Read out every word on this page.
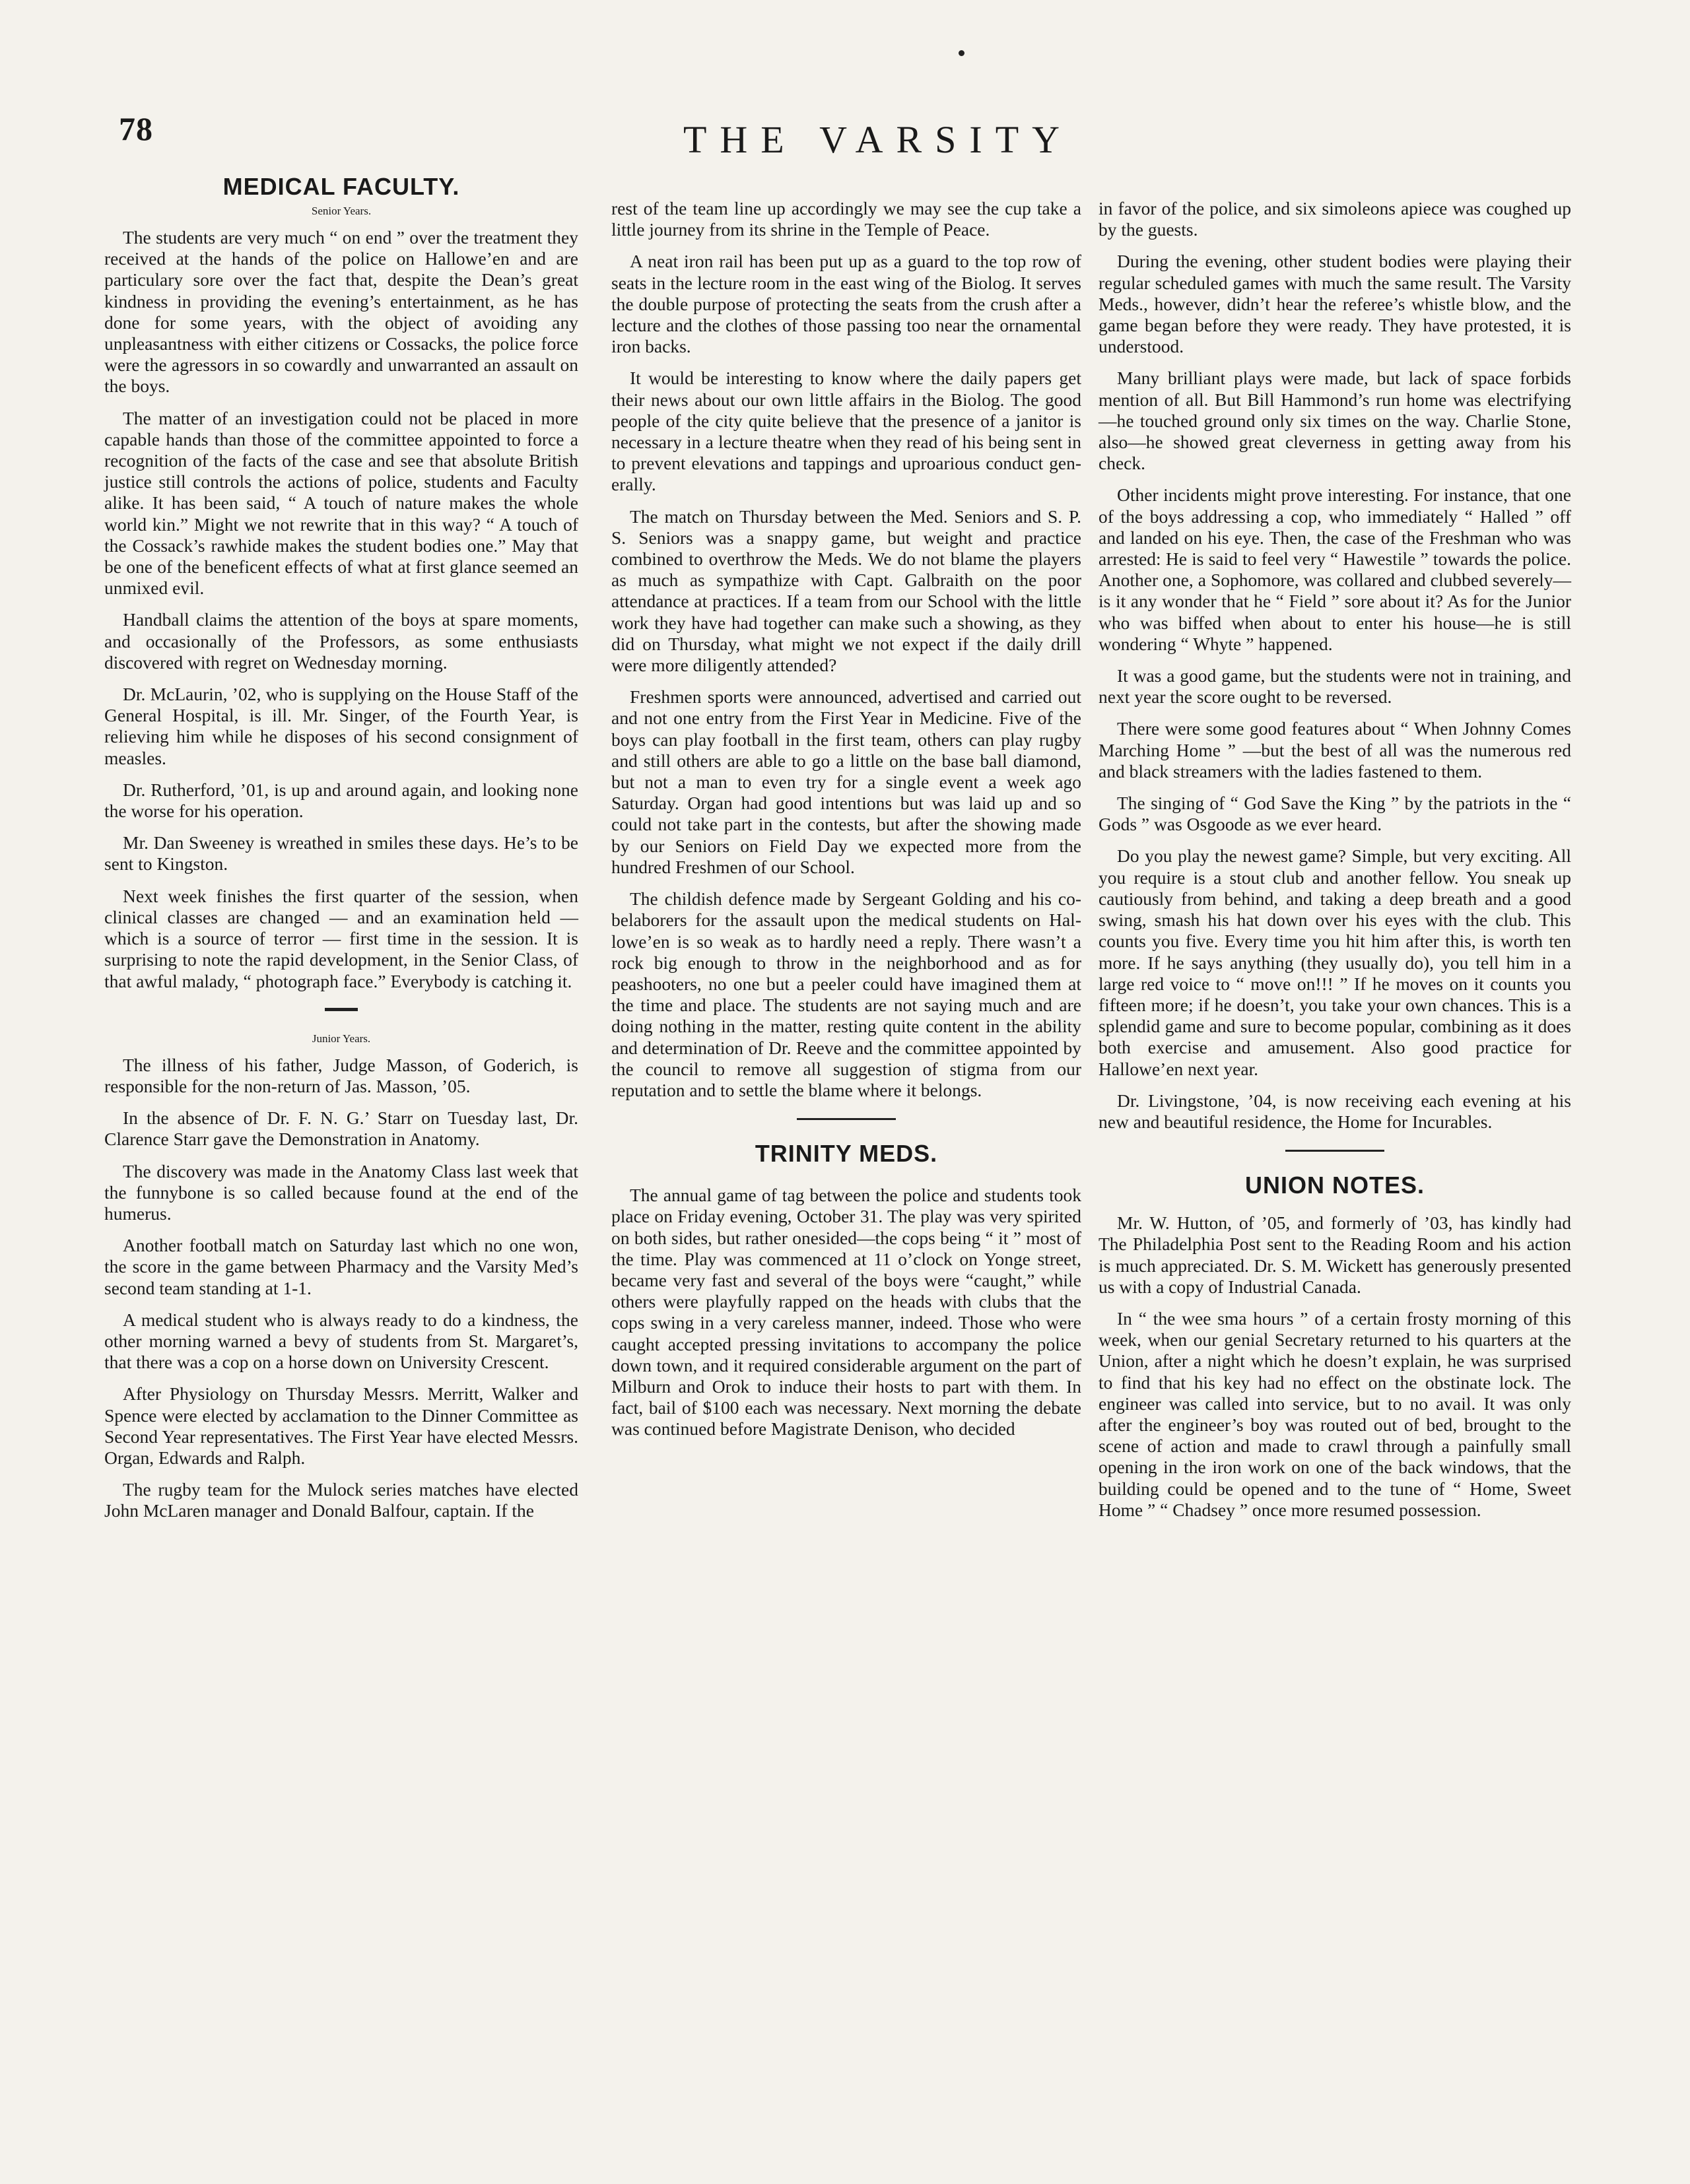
78	THE VARSITY
MEDICAL FACULTY.
Senior Years.

The students are very much “ on end ” over the treatment they received at the hands of the police on Hallowe’en and are particular​y sore over the fact that, despite the Dean’s great kindness in providing the evening’s entertainment, as he has done for some years, with the object of avoiding any unpleasantness with either citizens or Cossacks, the police force were the agressors in so cowardly and unwarranted an assault on the boys.

The matter of an investigation could not be placed in more capable hands than those of the committee appointed to force a recognition of the facts of the case and see that absolute British justice still controls the actions of police, students and Faculty alike. It has been said, “ A touch of nature makes the whole world kin.” Might we not rewrite that in this way? “ A touch of the Cossack’s rawhide makes the student bodies one.” May that be one of the beneficent effects of what at first glance seemed an unmixed evil.

Handball claims the attention of the boys at spare moments, and occasionally of the Professors, as some enthusiasts discovered with regret on Wednesday morning.

Dr. McLaurin, ’02, who is supplying on the House Staff of the General Hospital, is ill. Mr. Singer, of the Fourth Year, is relieving him while he disposes of his second consignment of measles.

Dr. Rutherford, ’01, is up and around again, and looking none the worse for his operation.

Mr. Dan Sweeney is wreathed in smiles these days. He’s to be sent to Kingston.

Next week finishes the first quarter of the session, when clinical classes are changed — and an examination held — which is a source of terror — first time in the session. It is surprising to note the rapid development, in the Senior Class, of that awful malady, “ photograph face.” Everybody is catching it.

Junior Years.

The illness of his father, Judge Masson, of Goderich, is responsible for the non-return of Jas. Masson, ’05.

In the absence of Dr. F. N. G.’ Starr on Tuesday last, Dr. Clarence Starr gave the Demonstration in Anatomy.

The discovery was made in the Anatomy Class last week that the funnybone is so called because found at the end of the humerus.

Another football match on Saturday last which no one won, the score in the game between Pharmacy and the Varsity Med’s second team standing at 1-1.

A medical student who is always ready to do a kindness, the other morning warned a bevy of students from St. Margaret’s, that there was a cop on a horse down on University Crescent.

After Physiology on Thursday Messrs. Merritt, Walker and Spence were elected by acclamation to the Dinner Committee as Second Year representatives. The First Year have elected Messrs. Organ, Edwards and Ralph.

The rugby team for the Mulock series matches have elected John McLaren manager and Donald Balfour, captain. If the

rest of the team line up accordingly we may see the cup take a little journey from its shrine in the Temple of Peace.

A neat iron rail has been put up as a guard to the top row of seats in the lecture room in the east wing of the Biolog. It serves the double purpose of protecting the seats from the crush after a lecture and the clothes of those passing too near the ornamental iron backs.

It would be interesting to know where the daily papers get their news about our own little affairs in the Biolog. The good people of the city quite believe that the presence of a janitor is necessary in a lecture theatre when they read of his being sent in to prevent elevations and tappings and uproarious conduct generally.

The match on Thursday between the Med. Seniors and S. P. S. Seniors was a snappy game, but weight and practice combined to overthrow the Meds. We do not blame the players as much as sympathize with Capt. Galbraith on the poor attendance at practices. If a team from our School with the little work they have had together can make such a showing, as they did on Thursday, what might we not expect if the daily drill were more diligently attended?

Freshmen sports were announced, advertised and carried out and not one entry from the First Year in Medicine. Five of the boys can play football in the first team, others can play rugby and still others are able to go a little on the base ball diamond, but not a man to even try for a single event a week ago Saturday. Organ had good intentions but was laid up and so could not take part in the contests, but after the showing made by our Seniors on Field Day we expected more from the hundred Freshmen of our School.

The childish defence made by Sergeant Golding and his co-belaborers for the assault upon the medical students on Hallowe’en is so weak as to hardly need a reply. There wasn’t a rock big enough to throw in the neighborhood and as for peashooters, no one but a peeler could have imagined them at the time and place. The students are not saying much and are doing nothing in the matter, resting quite content in the ability and determination of Dr. Reeve and the committee appointed by the council to remove all suggestion of stigma from our reputation and to settle the blame where it belongs.

TRINITY MEDS.

The annual game of tag between the police and students took place on Friday evening, October 31. The play was very spirited on both sides, but rather onesided—the cops being “ it ” most of the time. Play was commenced at 11 o’clock on Yonge street, became very fast and several of the boys were “caught,” while others were playfully rapped on the heads with clubs that the cops swing in a very careless manner, indeed. Those who were caught accepted pressing invitations to accompany the police down town, and it required considerable argument on the part of Milburn and Orok to induce their hosts to part with them. In fact, bail of $100 each was necessary. Next morning the debate was continued before Magistrate Denison, who decided

in favor of the police, and six simoleons apiece was coughed up by the guests.

During the evening, other student bodies were playing their regular scheduled games with much the same result. The Varsity Meds., however, didn’t hear the referee’s whistle blow, and the game began before they were ready. They have protested, it is understood.

Many brilliant plays were made, but lack of space forbids mention of all. But Bill Hammond’s run home was electrifying—he touched ground only six times on the way. Charlie Stone, also—he showed great cleverness in getting away from his check.

Other incidents might prove interesting. For instance, that one of the boys addressing a cop, who immediately “ Halled ” off and landed on his eye. Then, the case of the Freshman who was arrested: He is said to feel very “ Hawestile ” towards the police. Another one, a Sophomore, was collared and clubbed severely—is it any wonder that he “ Field ” sore about it? As for the Junior who was biffed when about to enter his house—he is still wondering “ Whyte ” happened.

It was a good game, but the students were not in training, and next year the score ought to be reversed.

There were some good features about “ When Johnny Comes Marching Home ” —but the best of all was the numerous red and black streamers with the ladies fastened to them.

The singing of “ God Save the King ” by the patriots in the “ Gods ” was Osgoode as we ever heard.

Do you play the newest game? Simple, but very exciting. All you require is a stout club and another fellow. You sneak up cautiously from behind, and taking a deep breath and a good swing, smash his hat down over his eyes with the club. This counts you five. Every time you hit him after this, is worth ten more. If he says anything (they usually do), you tell him in a large red voice to “ move on!!! ” If he moves on it counts you fifteen more; if he doesn’t, you take your own chances. This is a splendid game and sure to become popular, combining as it does both exercise and amusement. Also good practice for Hallowe’en next year.

Dr. Livingstone, ’04, is now receiving each evening at his new and beautiful residence, the Home for Incurables.

UNION NOTES.

Mr. W. Hutton, of ’05, and formerly of ’03, has kindly had The Philadelphia Post sent to the Reading Room and his action is much appreciated. Dr. S. M. Wickett has generously presented us with a copy of Industrial Canada.

In “ the wee sma hours ” of a certain frosty morning of this week, when our genial Secretary returned to his quarters at the Union, after a night which he doesn’t explain, he was surprised to find that his key had no effect on the obstinate lock. The engineer was called into service, but to no avail. It was only after the engineer’s boy was routed out of bed, brought to the scene of action and made to crawl through a painfully small opening in the iron work on one of the back windows, that the building could be opened and to the tune of “ Home, Sweet Home ” “ Chadsey ” once more resumed possession.
